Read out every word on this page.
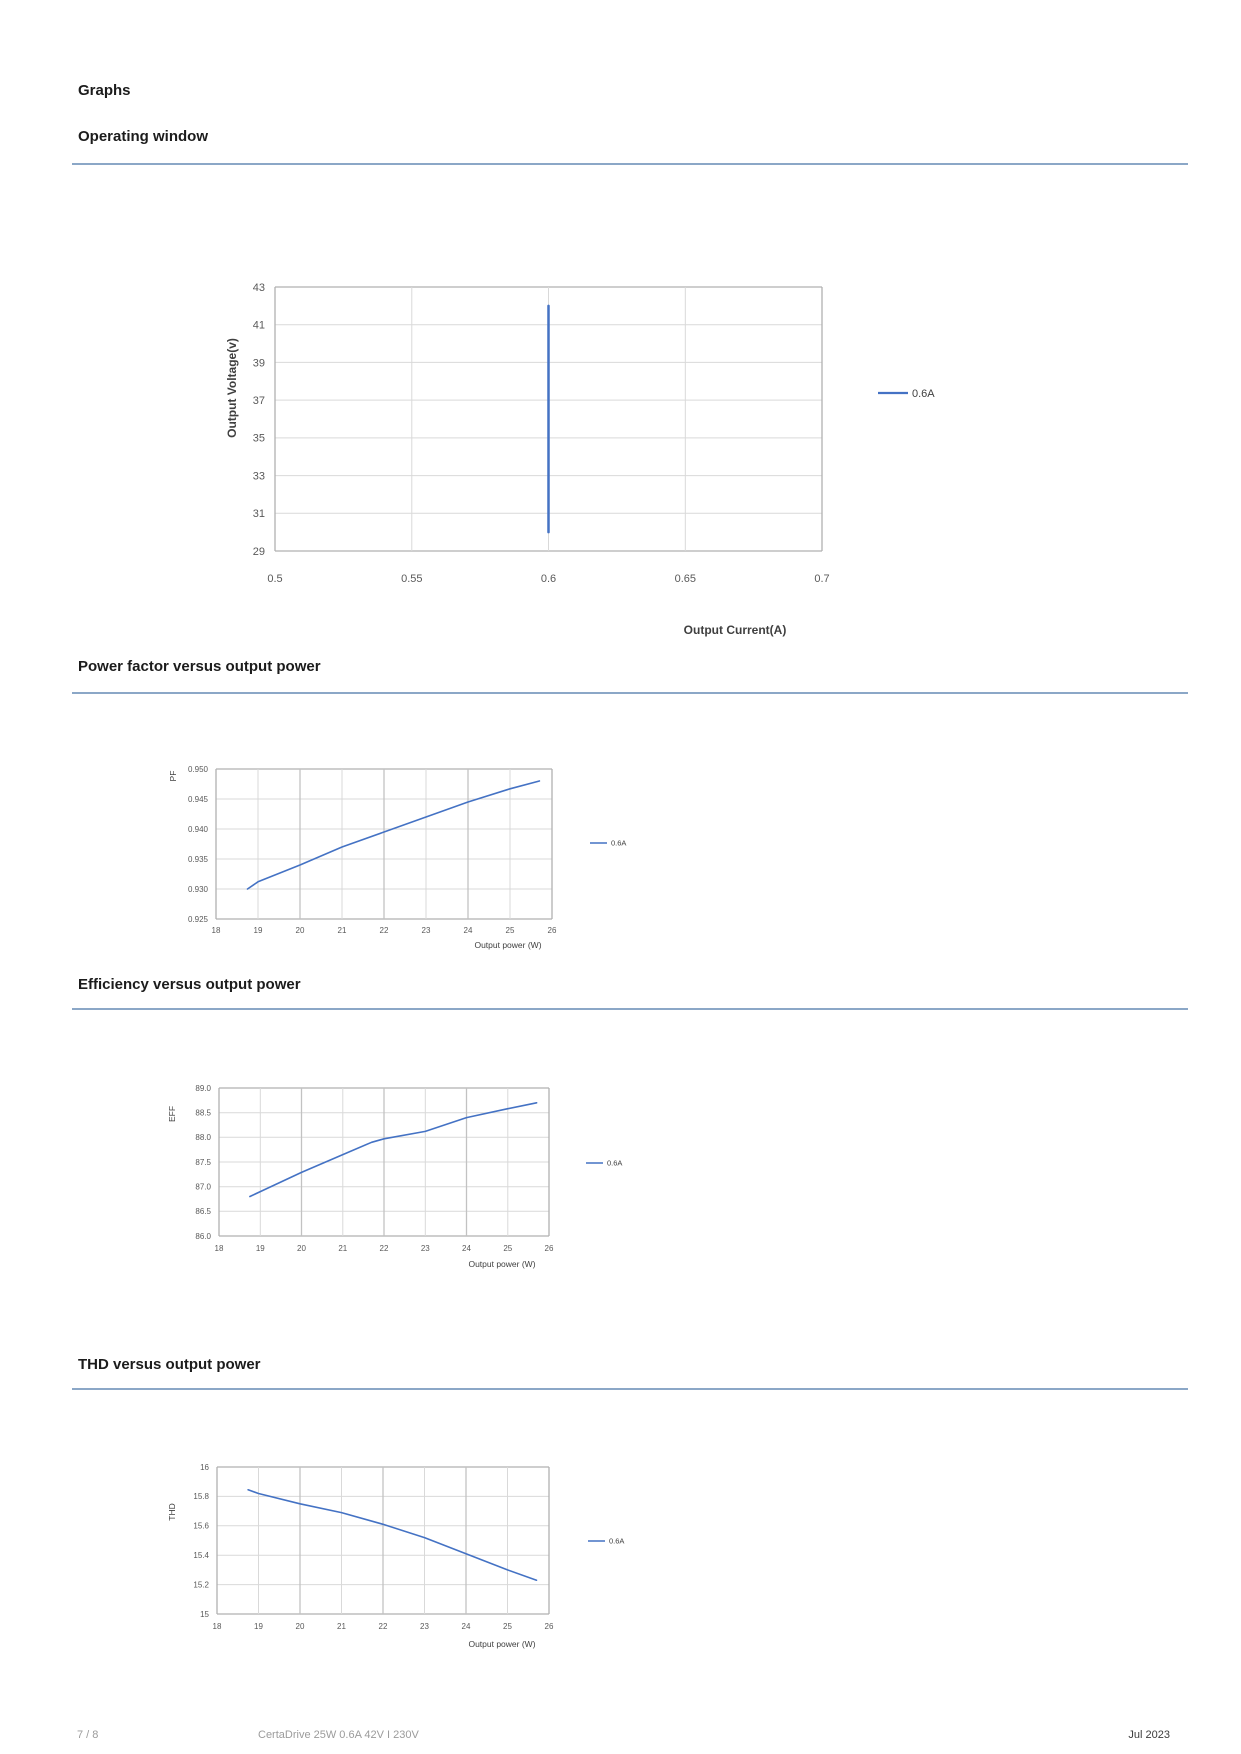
Graphs
Operating window
43
41
39
37
35
33
31
29
0.5	0.55	0.6	0.65	0.7
Output Voltage(v)
Output Current(A)
0.6A
Power factor versus output power
0.950
0.945
0.940
0.935
0.930
0.925
18	19	20	21	22	23	24	25	26
PF
Output power (W)
0.6A
Efficiency versus output power
89.0
88.5
88.0
87.5
87.0
86.5
86.0
18	19	20	21	22	23	24	25	26
EFF
Output power (W)
0.6A
THD versus output power
16
15.8
15.6
15.4
15.2
15
18	19	20	21	22	23	24	25	26
THD
Output power (W)
0.6A
7 / 8	CertaDrive 25W 0.6A 42V I 230V	Jul 2023
